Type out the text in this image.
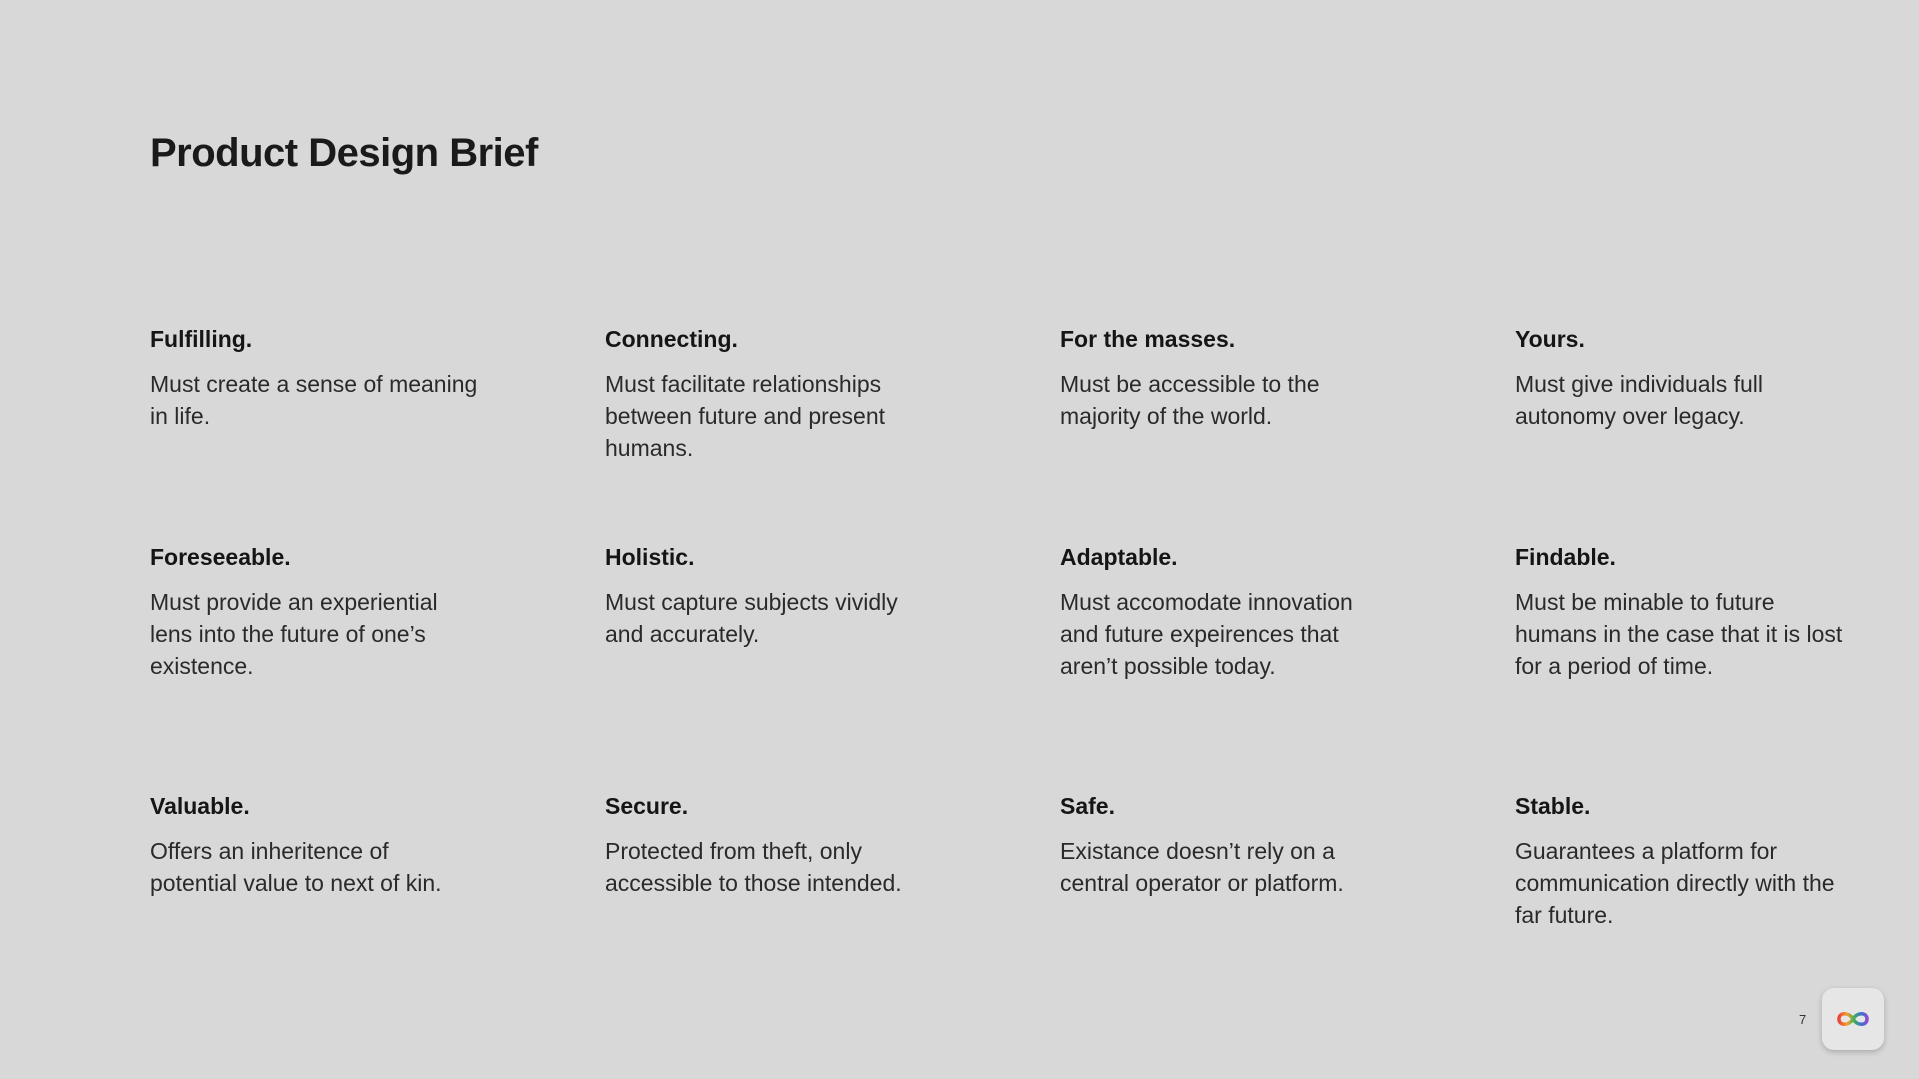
Product Design Brief
Fulfilling.

Must create a sense of meaning in life.

Connecting.

Must facilitate relationships between future and present humans.

For the masses.

Must be accessible to the majority of the world.

Yours.

Must give individuals full autonomy over legacy.

Foreseeable.

Must provide an experiential lens into the future of one’s existence.

Holistic.

Must capture subjects vividly and accurately.

Adaptable.

Must accomodate innovation and future expeirences that aren’t possible today.

Findable.

Must be minable to future humans in the case that it is lost for a period of time.

Valuable.

Offers an inheritence of potential value to next of kin.

Secure.

Protected from theft, only accessible to those intended.

Safe.

Existance doesn’t rely on a central operator or platform.

Stable.

Guarantees a platform for communication directly with the far future.

7
